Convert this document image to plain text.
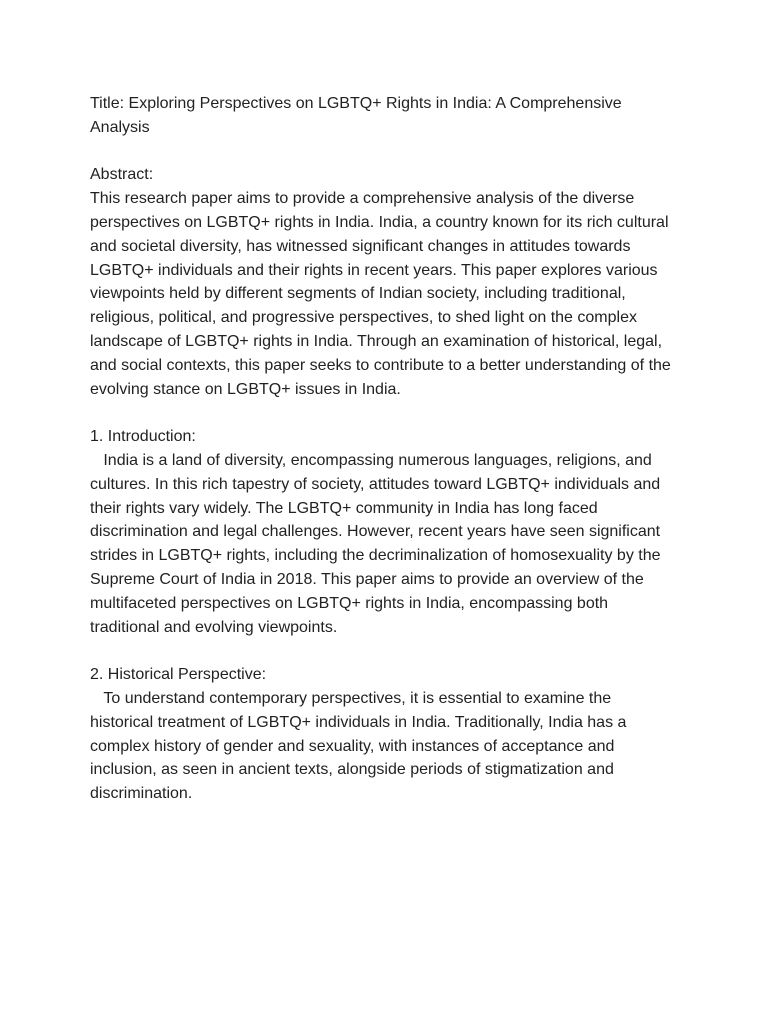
Title: Exploring Perspectives on LGBTQ+ Rights in India: A Comprehensive Analysis

Abstract:

This research paper aims to provide a comprehensive analysis of the diverse perspectives on LGBTQ+ rights in India. India, a country known for its rich cultural and societal diversity, has witnessed significant changes in attitudes towards LGBTQ+ individuals and their rights in recent years. This paper explores various viewpoints held by different segments of Indian society, including traditional, religious, political, and progressive perspectives, to shed light on the complex landscape of LGBTQ+ rights in India. Through an examination of historical, legal, and social contexts, this paper seeks to contribute to a better understanding of the evolving stance on LGBTQ+ issues in India.

1. Introduction:

India is a land of diversity, encompassing numerous languages, religions, and cultures. In this rich tapestry of society, attitudes toward LGBTQ+ individuals and their rights vary widely. The LGBTQ+ community in India has long faced discrimination and legal challenges. However, recent years have seen significant strides in LGBTQ+ rights, including the decriminalization of homosexuality by the Supreme Court of India in 2018. This paper aims to provide an overview of the multifaceted perspectives on LGBTQ+ rights in India, encompassing both traditional and evolving viewpoints.

2. Historical Perspective:

To understand contemporary perspectives, it is essential to examine the historical treatment of LGBTQ+ individuals in India. Traditionally, India has a complex history of gender and sexuality, with instances of acceptance and inclusion, as seen in ancient texts, alongside periods of stigmatization and discrimination.
